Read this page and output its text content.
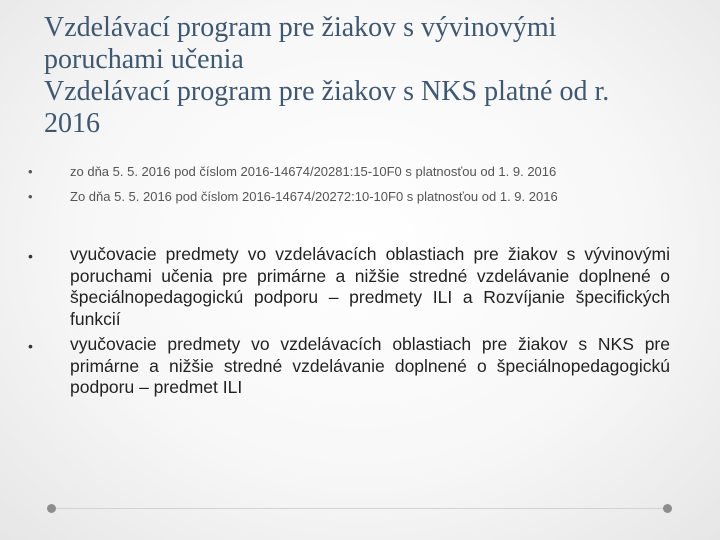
Vzdelávací program pre žiakov s vývinovými
poruchami učenia
Vzdelávací program pre žiakov s NKS platné od r.
2016
•	zo dňa 5. 5. 2016 pod číslom 2016-14674/20281:15-10F0 s platnosťou od 1. 9. 2016
•	Zo dňa 5. 5. 2016 pod číslom 2016-14674/20272:10-10F0 s platnosťou od 1. 9. 2016
• vyučovacie predmety vo vzdelávacích oblastiach pre žiakov s vývinovými poruchami učenia pre primárne a nižšie stredné vzdelávanie doplnené o špeciálnopedagogickú podporu – predmety ILI a Rozvíjanie špecifických funkcií
• vyučovacie predmety vo vzdelávacích oblastiach pre žiakov s NKS pre primárne a nižšie stredné vzdelávanie doplnené o špeciálnopedagogickú podporu – predmet ILI
